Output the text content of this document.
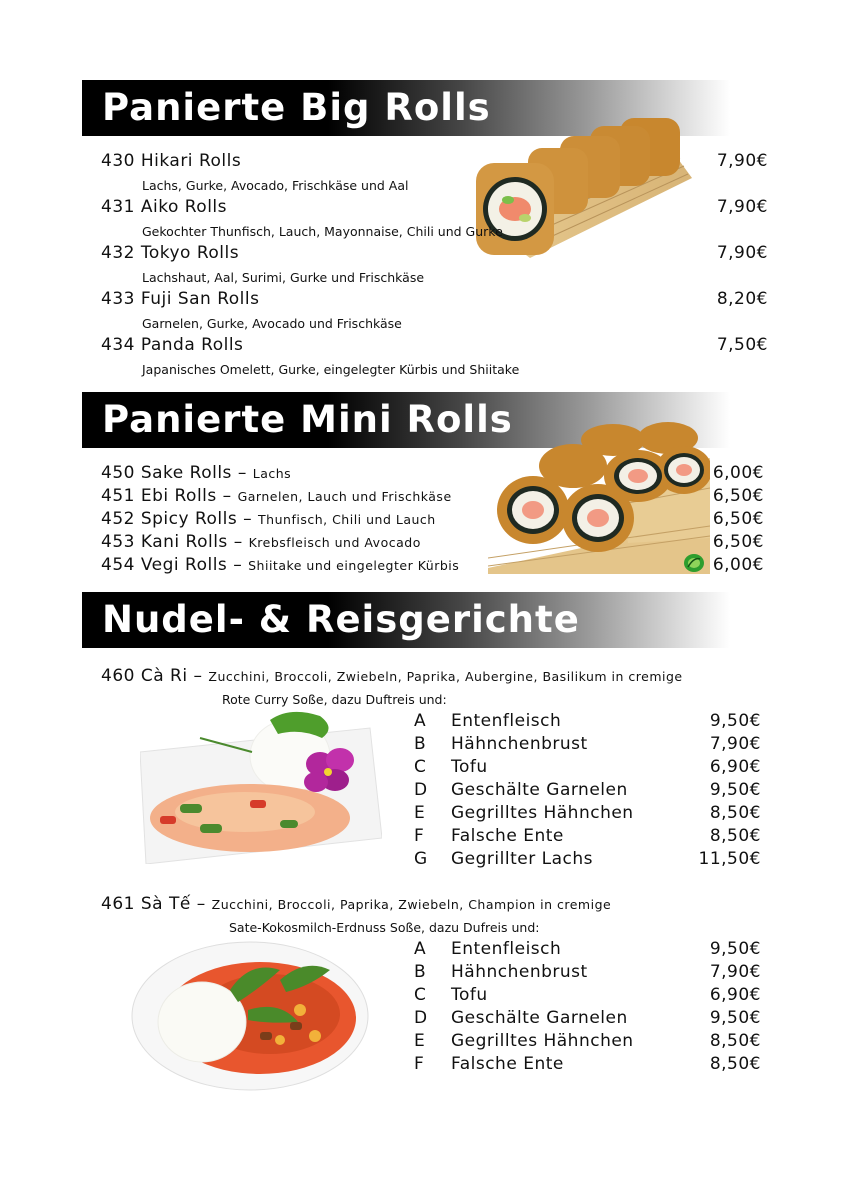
Panierte Big Rolls
430 Hikari Rolls	7,90€
Lachs, Gurke, Avocado, Frischkäse und Aal
431 Aiko Rolls	7,90€
Gekochter Thunfisch, Lauch, Mayonnaise, Chili und Gurke
432 Tokyo Rolls	7,90€
Lachshaut, Aal, Surimi, Gurke und Frischkäse
433 Fuji San Rolls	8,20€
Garnelen, Gurke, Avocado und Frischkäse
434 Panda Rolls	7,50€
Japanisches Omelett, Gurke, eingelegter Kürbis und Shiitake
Panierte Mini Rolls
450 Sake Rolls – Lachs	6,00€
451 Ebi Rolls – Garnelen, Lauch und Frischkäse	6,50€
452 Spicy Rolls – Thunfisch, Chili und Lauch	6,50€
453 Kani Rolls – Krebsfleisch und Avocado	6,50€
454 Vegi Rolls – Shiitake und eingelegter Kürbis	6,00€
Nudel- & Reisgerichte
460 Cà Ri – Zucchini, Broccoli, Zwiebeln, Paprika, Aubergine, Basilikum in cremige
Rote Curry Soße, dazu Duftreis und:
A Entenfleisch	9,50€
B Hähnchenbrust	7,90€
C Tofu	6,90€
D Geschälte Garnelen	9,50€
E Gegrilltes Hähnchen	8,50€
F Falsche Ente	8,50€
G Gegrillter Lachs	11,50€
461 Sà Tế – Zucchini, Broccoli, Paprika, Zwiebeln, Champion in cremige
Sate-Kokosmilch-Erdnuss Soße, dazu Dufreis und:
A Entenfleisch	9,50€
B Hähnchenbrust	7,90€
C Tofu	6,90€
D Geschälte Garnelen	9,50€
E Gegrilltes Hähnchen	8,50€
F Falsche Ente	8,50€
